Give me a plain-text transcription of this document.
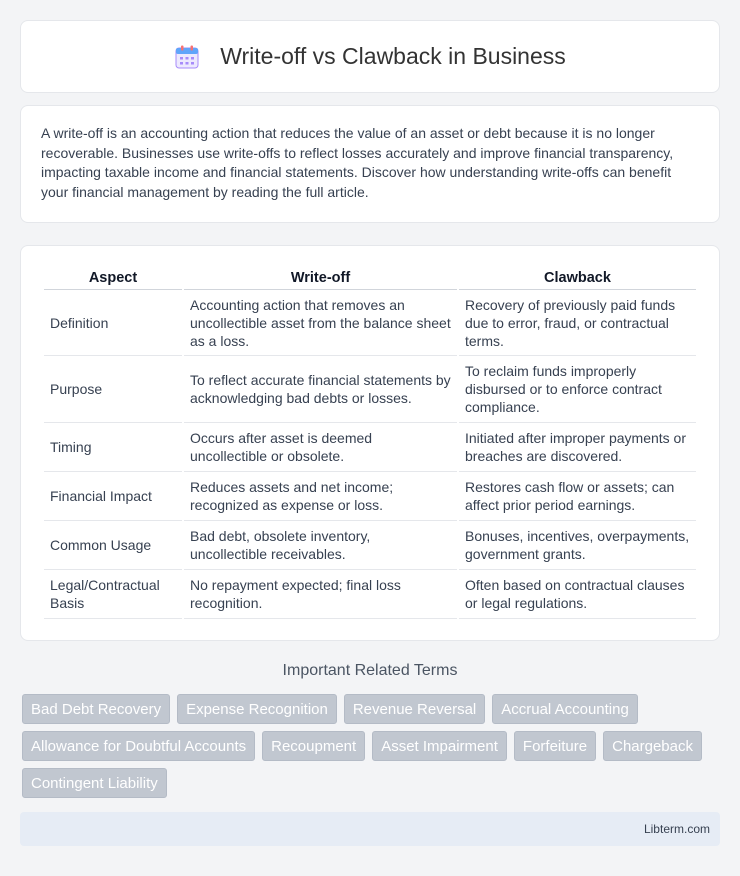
Write-off vs Clawback in Business

A write-off is an accounting action that reduces the value of an asset or debt because it is no longer recoverable. Businesses use write-offs to reflect losses accurately and improve financial transparency, impacting taxable income and financial statements. Discover how understanding write-offs can benefit your financial management by reading the full article.

Aspect	Write-off	Clawback
Definition	Accounting action that removes an uncollectible asset from the balance sheet as a loss.	Recovery of previously paid funds due to error, fraud, or contractual terms.
Purpose	To reflect accurate financial statements by acknowledging bad debts or losses.	To reclaim funds improperly disbursed or to enforce contract compliance.
Timing	Occurs after asset is deemed uncollectible or obsolete.	Initiated after improper payments or breaches are discovered.
Financial Impact	Reduces assets and net income; recognized as expense or loss.	Restores cash flow or assets; can affect prior period earnings.
Common Usage	Bad debt, obsolete inventory, uncollectible receivables.	Bonuses, incentives, overpayments, government grants.
Legal/Contractual Basis	No repayment expected; final loss recognition.	Often based on contractual clauses or legal regulations.
Important Related Terms
Bad Debt Recovery	Expense Recognition	Revenue Reversal	Accrual Accounting
Allowance for Doubtful Accounts	Recoupment	Asset Impairment	Forfeiture	Chargeback
Contingent Liability
Libterm.com
